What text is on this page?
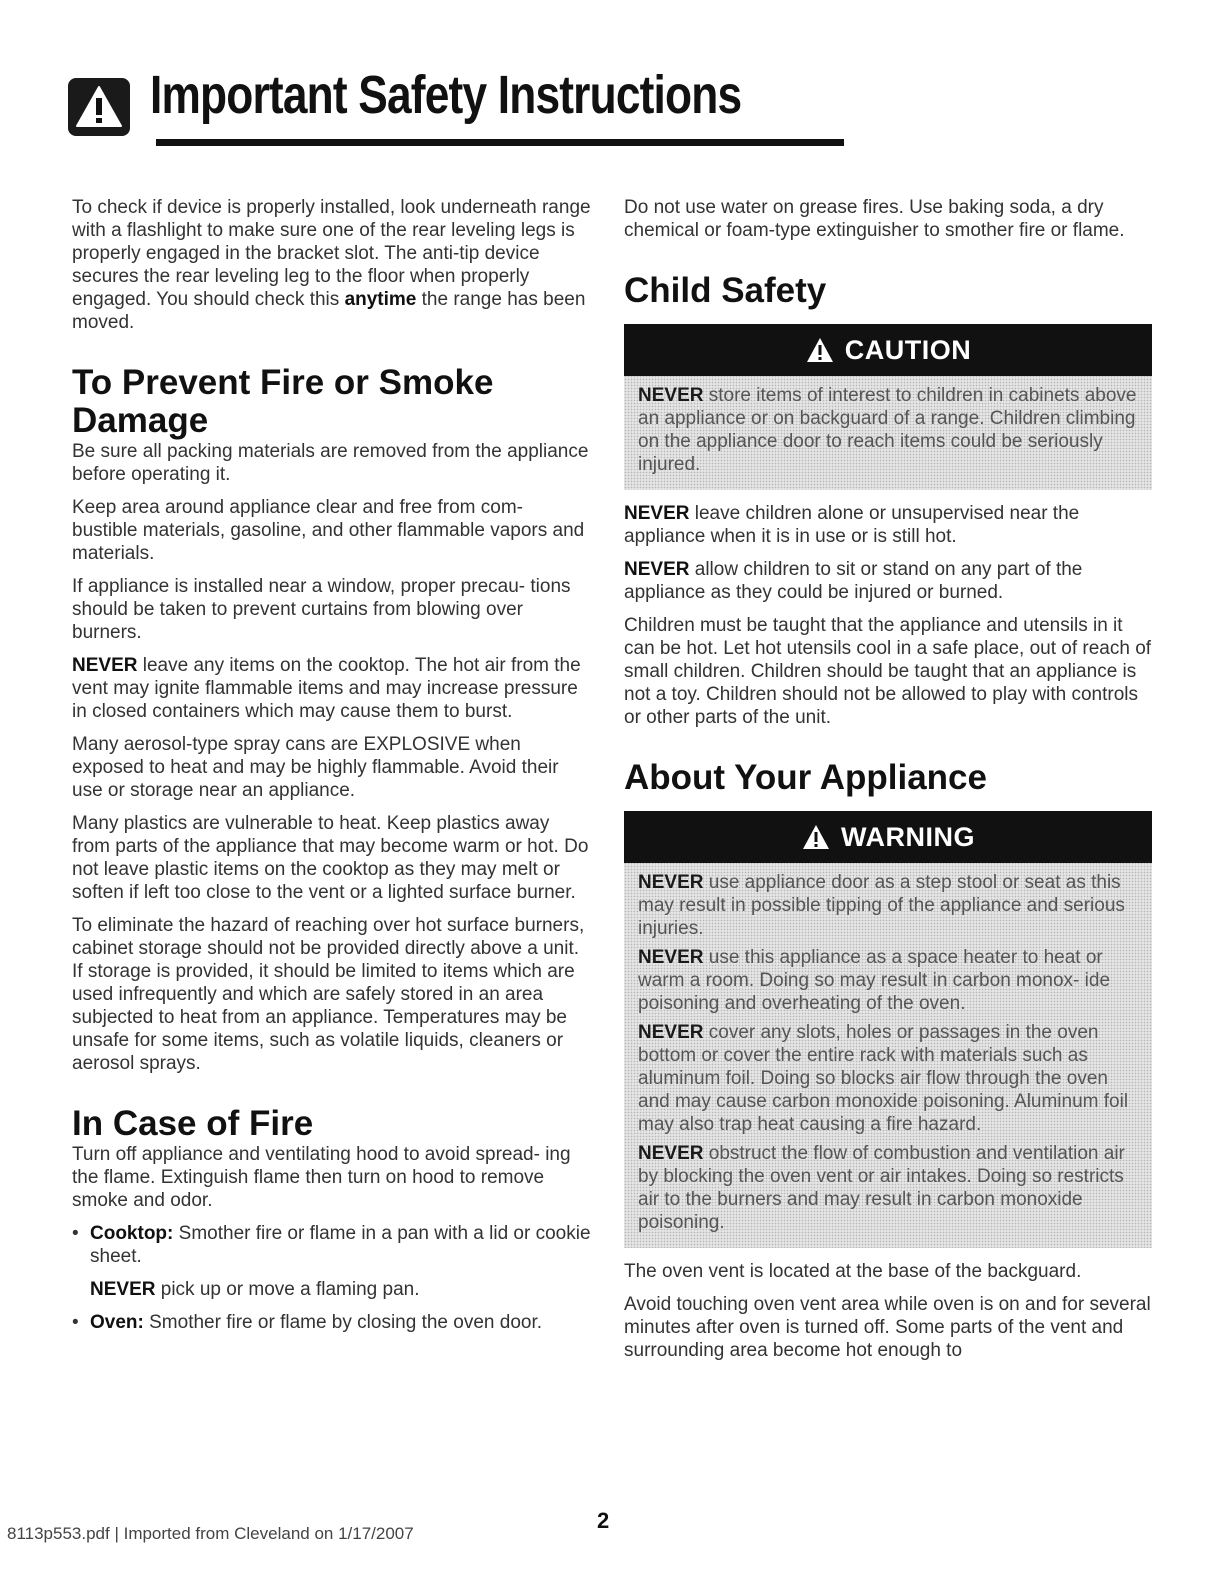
Important Safety Instructions

To check if device is properly installed, look underneath range with a flashlight to make sure one of the rear leveling legs is properly engaged in the bracket slot. The anti-tip device secures the rear leveling leg to the floor when properly engaged. You should check this anytime the range has been moved.

To Prevent Fire or Smoke Damage

Be sure all packing materials are removed from the appliance before operating it.

Keep area around appliance clear and free from com- bustible materials, gasoline, and other flammable vapors and materials.

If appliance is installed near a window, proper precau- tions should be taken to prevent curtains from blowing over burners.

NEVER leave any items on the cooktop. The hot air from the vent may ignite flammable items and may increase pressure in closed containers which may cause them to burst.

Many aerosol-type spray cans are EXPLOSIVE when exposed to heat and may be highly flammable. Avoid their use or storage near an appliance.

Many plastics are vulnerable to heat. Keep plastics away from parts of the appliance that may become warm or hot. Do not leave plastic items on the cooktop as they may melt or soften if left too close to the vent or a lighted surface burner.

To eliminate the hazard of reaching over hot surface burners, cabinet storage should not be provided directly above a unit. If storage is provided, it should be limited to items which are used infrequently and which are safely stored in an area subjected to heat from an appliance. Temperatures may be unsafe for some items, such as volatile liquids, cleaners or aerosol sprays.

In Case of Fire

Turn off appliance and ventilating hood to avoid spread- ing the flame. Extinguish flame then turn on hood to remove smoke and odor.

• Cooktop: Smother fire or flame in a pan with a lid or cookie sheet.

NEVER pick up or move a flaming pan.

• Oven: Smother fire or flame by closing the oven door.

Do not use water on grease fires. Use baking soda, a dry chemical or foam-type extinguisher to smother fire or flame.

Child Safety
CAUTION

NEVER store items of interest to children in cabinets above an appliance or on backguard of a range. Children climbing on the appliance door to reach items could be seriously injured.

NEVER leave children alone or unsupervised near the appliance when it is in use or is still hot.

NEVER allow children to sit or stand on any part of the appliance as they could be injured or burned.

Children must be taught that the appliance and utensils in it can be hot. Let hot utensils cool in a safe place, out of reach of small children. Children should be taught that an appliance is not a toy. Children should not be allowed to play with controls or other parts of the unit.

About Your Appliance
WARNING

NEVER use appliance door as a step stool or seat as this may result in possible tipping of the appliance and serious injuries.

NEVER use this appliance as a space heater to heat or warm a room. Doing so may result in carbon monox- ide poisoning and overheating of the oven.

NEVER cover any slots, holes or passages in the oven bottom or cover the entire rack with materials such as aluminum foil. Doing so blocks air flow through the oven and may cause carbon monoxide poisoning. Aluminum foil may also trap heat causing a fire hazard.

NEVER obstruct the flow of combustion and ventilation air by blocking the oven vent or air intakes. Doing so restricts air to the burners and may result in carbon monoxide poisoning.

The oven vent is located at the base of the backguard.

Avoid touching oven vent area while oven is on and for several minutes after oven is turned off. Some parts of the vent and surrounding area become hot enough to

2
8113p553.pdf | Imported from Cleveland on 1/17/2007
